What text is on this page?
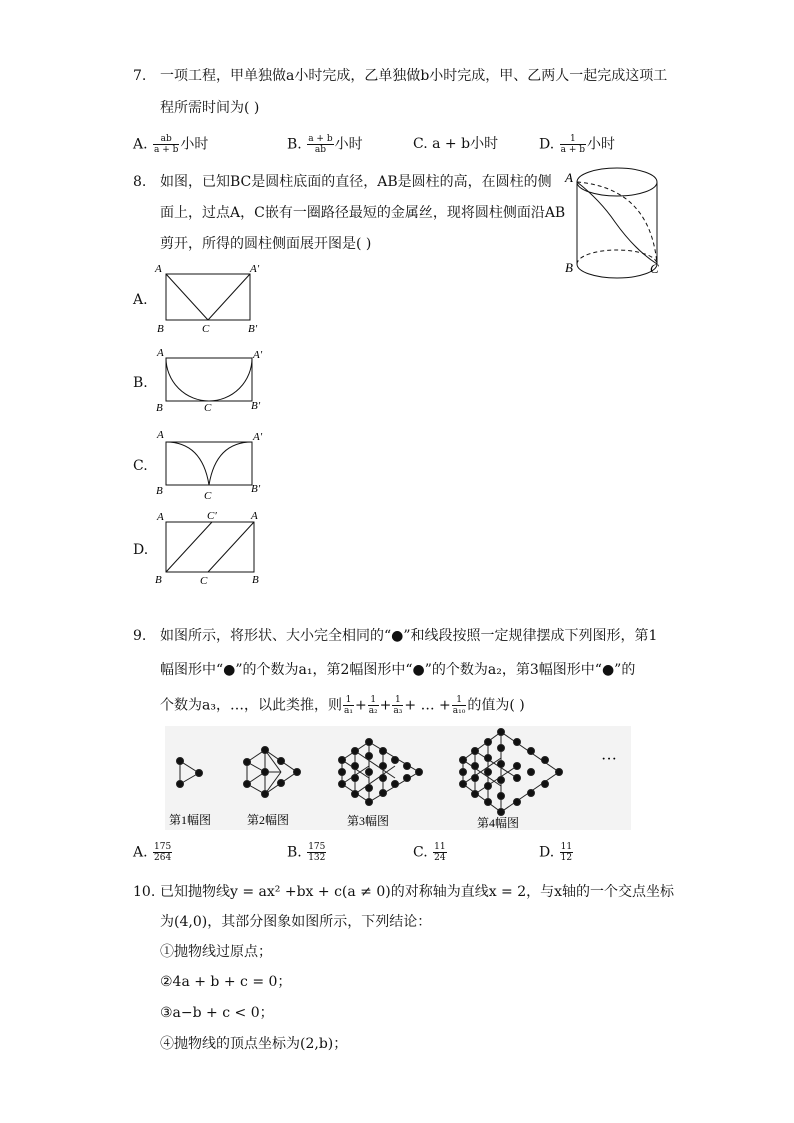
7. 一项工程，甲单独做a小时完成，乙单独做b小时完成，甲、乙两人一起完成这项工
程所需时间为( )
A. $\frac{ab}{a + b}$ 小时	B. $\frac{a + b}{ab}$ 小时	C. a + b小时	D. $\frac{1}{a + b}$ 小时
8. 如图，已知BC是圆柱底面的直径，AB是圆柱的高，在圆柱的侧
面上，过点A，C嵌有一圈路径最短的金属丝，现将圆柱侧面沿AB
剪开，所得的圆柱侧面展开图是( )
A
B	C
A.
A	A′
B	C	B′
B.
A	A′
B	C	B′
C.
A	A′
B	C
B′
D.
A	C′	A
B	C	B
9. 如图所示，将形状、大小完全相同的“●”和线段按照一定规律摆成下列图形，第1
幅图形中“●”的个数为a₁，第2幅图形中“●”的个数为a₂，第3幅图形中“●”的
个数为a₃，…，以此类推，则 $\frac{1}{\text{a₁}} + \frac{1}{\text{a₂}} + \frac{1}{\text{a₃}}$ + … + $\frac{1}{\text{a₁₀}}$ 的值为( )
第1幅图	第2幅图	第3幅图	第4幅图
···
A. $\frac{175}{264}$	B. $\frac{175}{132}$	C. $\frac{11}{24}$	D. $\frac{11}{12}$
10. 已知抛物线y = ax² +bx + c(a ≠ 0)的对称轴为直线x = 2，与x轴的一个交点坐标
为(4,0)，其部分图象如图所示，下列结论：
①抛物线过原点；
②4a + b + c = 0；
③a−b + c < 0；
④抛物线的顶点坐标为(2,b)；
